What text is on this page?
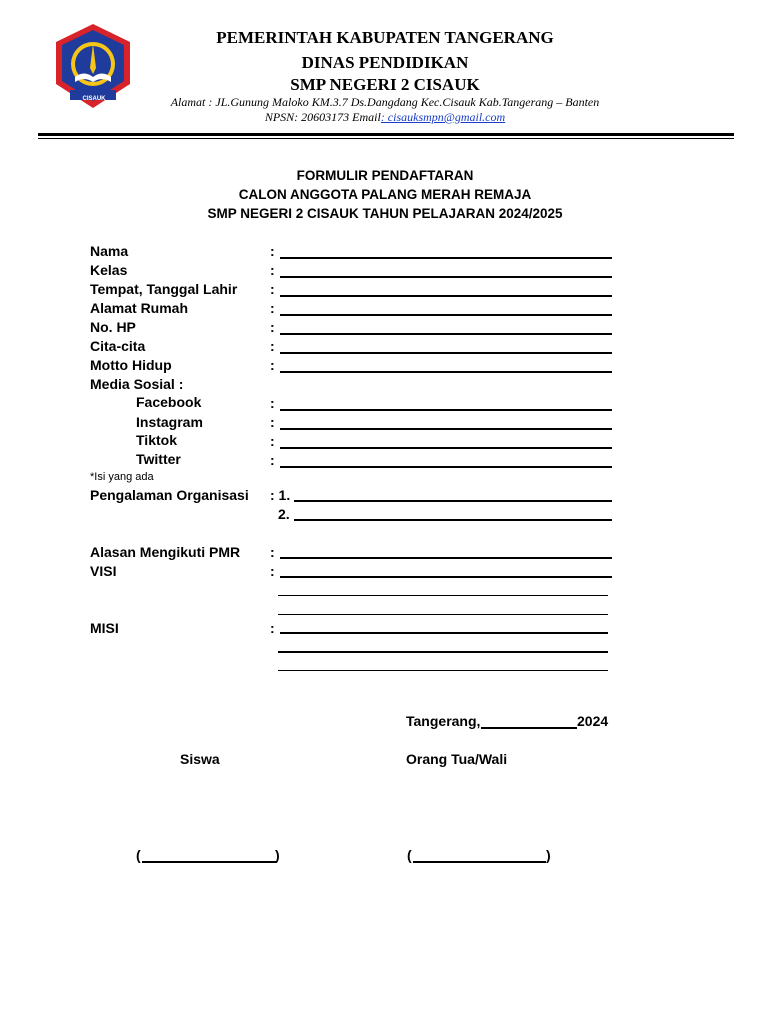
CISAUK
PEMERINTAH KABUPATEN TANGERANG
DINAS PENDIDIKAN
SMP NEGERI 2 CISAUK
Alamat : JL.Gunung Maloko KM.3.7 Ds.Dangdang Kec.Cisauk Kab.Tangerang – Banten
NPSN: 20603173 Email: cisauksmpn@gmail.com
FORMULIR PENDAFTARAN
CALON ANGGOTA PALANG MERAH REMAJA
SMP NEGERI 2 CISAUK TAHUN PELAJARAN 2024/2025
Nama	:
Kelas	:
Tempat, Tanggal Lahir :
Alamat Rumah	:
No. HP	:
Cita-cita	:
Motto Hidup	:
Media Sosial :
Facebook	:
Instagram	:
Tiktok	:
Twitter	:
*Isi yang ada
Pengalaman Organisasi : 1.
2.
Alasan Mengikuti PMR :
VISI	:
MISI	:
Tangerang,	2024
Siswa	Orang Tua/Wali
(	)	(	)
